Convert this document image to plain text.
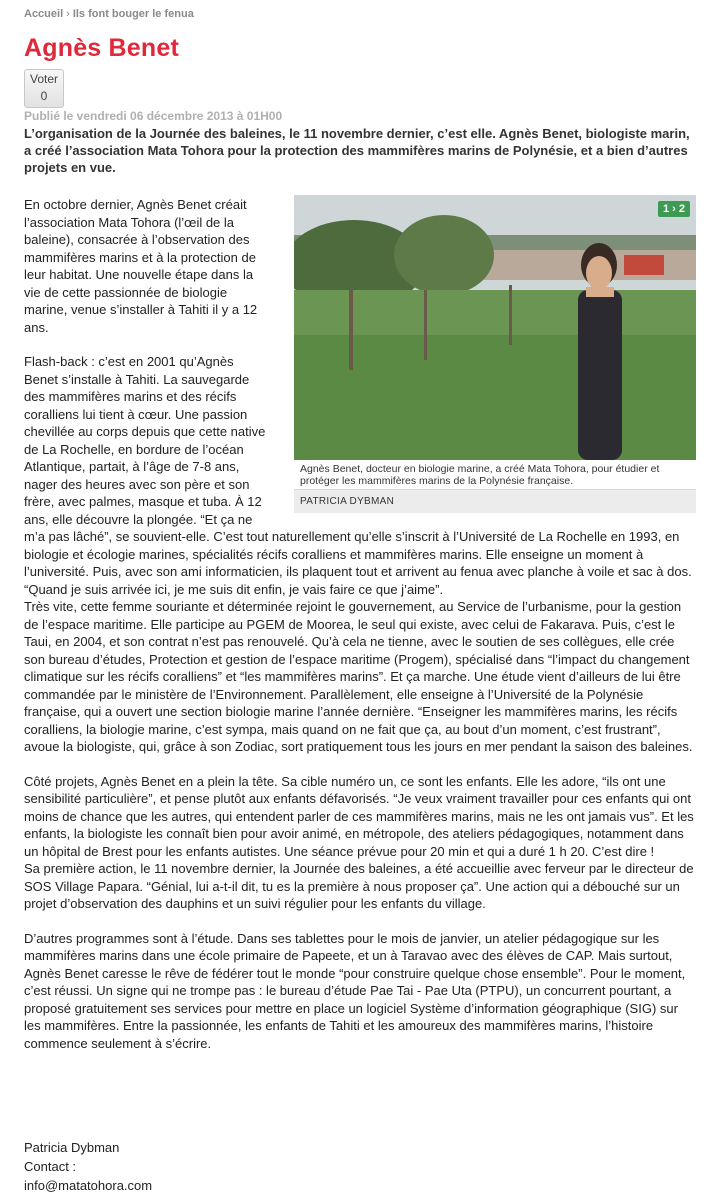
Accueil › Ils font bouger le fenua
Agnès Benet
Voter
0
Publié le vendredi 06 décembre 2013 à 01H00

L’organisation de la Journée des baleines, le 11 novembre dernier, c’est elle. Agnès Benet, biologiste marin, a créé l’association Mata Tohora pour la protection des mammifères marins de Polynésie, et a bien d’autres projets en vue.

1 › 2
Agnès Benet, docteur en biologie marine, a créé Mata Tohora, pour étudier et protéger les mammifères marins de la Polynésie française.
PATRICIA DYBMAN

En octobre dernier, Agnès Benet créait l’association Mata Tohora (l’œil de la baleine), consacrée à l’observation des mammifères marins et à la protection de leur habitat. Une nouvelle étape dans la vie de cette passionnée de biologie marine, venue s’installer à Tahiti il y a 12 ans.

Flash-back : c’est en 2001 qu’Agnès Benet s’installe à Tahiti. La sauvegarde des mammifères marins et des récifs coralliens lui tient à cœur. Une passion chevillée au corps depuis que cette native de La Rochelle, en bordure de l’océan Atlantique, partait, à l’âge de 7-8 ans, nager des heures avec son père et son frère, avec palmes, masque et tuba. À 12 ans, elle découvre la plongée. “Et ça ne

m’a pas lâché”, se souvient-elle. C’est tout naturellement qu’elle s’inscrit à l’Université de La Rochelle en 1993, en biologie et écologie marines, spécialités récifs coralliens et mammifères marins. Elle enseigne un moment à l’université. Puis, avec son ami informaticien, ils plaquent tout et arrivent au fenua avec planche à voile et sac à dos. “Quand je suis arrivée ici, je me suis dit enfin, je vais faire ce que j’aime”.

Très vite, cette femme souriante et déterminée rejoint le gouvernement, au Service de l’urbanisme, pour la gestion de l’espace maritime. Elle participe au PGEM de Moorea, le seul qui existe, avec celui de Fakarava. Puis, c’est le Taui, en 2004, et son contrat n’est pas renouvelé. Qu’à cela ne tienne, avec le soutien de ses collègues, elle crée son bureau d’études, Protection et gestion de l’espace maritime (Progem), spécialisé dans “l’impact du changement climatique sur les récifs coralliens” et “les mammifères marins”. Et ça marche. Une étude vient d’ailleurs de lui être commandée par le ministère de l’Environnement. Parallèlement, elle enseigne à l’Université de la Polynésie française, qui a ouvert une section biologie marine l’année dernière. “Enseigner les mammifères marins, les récifs coralliens, la biologie marine, c’est sympa, mais quand on ne fait que ça, au bout d’un moment, c’est frustrant”, avoue la biologiste, qui, grâce à son Zodiac, sort pratiquement tous les jours en mer pendant la saison des baleines.

Côté projets, Agnès Benet en a plein la tête. Sa cible numéro un, ce sont les enfants. Elle les adore, “ils ont une sensibilité particulière”, et pense plutôt aux enfants défavorisés. “Je veux vraiment travailler pour ces enfants qui ont moins de chance que les autres, qui entendent parler de ces mammifères marins, mais ne les ont jamais vus”. Et les enfants, la biologiste les connaît bien pour avoir animé, en métropole, des ateliers pédagogiques, notamment dans un hôpital de Brest pour les enfants autistes. Une séance prévue pour 20 min et qui a duré 1 h 20. C’est dire !

Sa première action, le 11 novembre dernier, la Journée des baleines, a été accueillie avec ferveur par le directeur de SOS Village Papara. “Génial, lui a-t-il dit, tu es la première à nous proposer ça”. Une action qui a débouché sur un projet d’observation des dauphins et un suivi régulier pour les enfants du village.

D’autres programmes sont à l’étude. Dans ses tablettes pour le mois de janvier, un atelier pédagogique sur les mammifères marins dans une école primaire de Papeete, et un à Taravao avec des élèves de CAP. Mais surtout, Agnès Benet caresse le rêve de fédérer tout le monde “pour construire quelque chose ensemble”. Pour le moment, c’est réussi. Un signe qui ne trompe pas : le bureau d’étude Pae Tai - Pae Uta (PTPU), un concurrent pourtant, a proposé gratuitement ses services pour mettre en place un logiciel Système d’information géographique (SIG) sur les mammifères. Entre la passionnée, les enfants de Tahiti et les amoureux des mammifères marins, l’histoire commence seulement à s’écrire.

Patricia Dybman
Contact :
info@matatohora.com
